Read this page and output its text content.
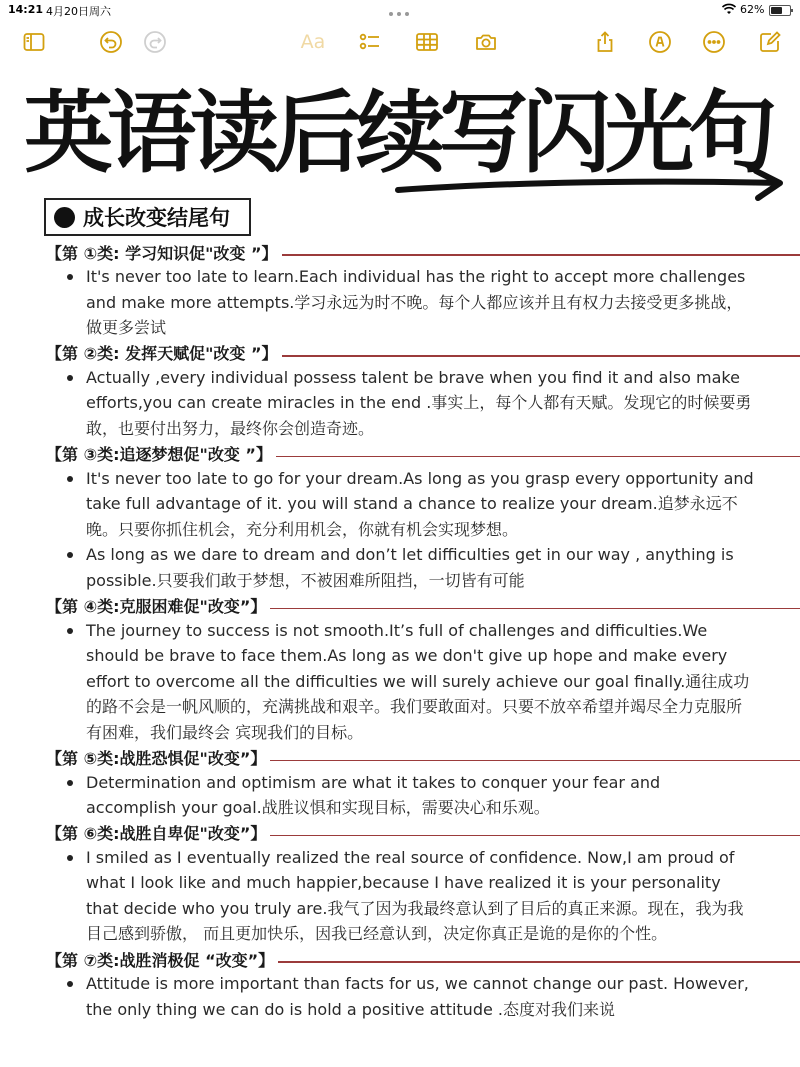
14:21 4月20日周六	62%
Aa
英语读后续写闪光句
成长改变结尾句
【第 ①类: 学习知识促"改变 ”】
It's never too late to learn.Each individual has the right to accept more challenges and make more attempts.学习永远为时不晚。每个人都应该并且有权力去接受更多挑战，做更多尝试
【第 ②类: 发挥天赋促"改变 ”】
Actually ,every individual possess talent be brave when you find it and also make efforts,you can create miracles in the end .事实上，每个人都有天赋。发现它的时候要勇敢，也要付出努力，最终你会创造奇迹。
【第 ③类:追逐梦想促"改变 ”】
It's never too late to go for your dream.As long as you grasp every opportunity and take full advantage of it. you will stand a chance to realize your dream.追梦永远不晚。只要你抓住机会，充分利用机会，你就有机会实现梦想。
As long as we dare to dream and don’t let difficulties get in our way , anything is possible.只要我们敢于梦想，不被困难所阻挡，一切皆有可能
【第 ④类:克服困难促"改变”】
The journey to success is not smooth.It’s full of challenges and difficulties.We should be brave to face them.As long as we don't give up hope and make every effort to overcome all the difficulties we will surely achieve our goal finally.通往成功的路不会是一帆风顺的，充满挑战和艰辛。我们要敢面对。只要不放卒希望并竭尽全力克服所有困难，我们最终会 宾现我们的目标。
【第 ⑤类:战胜恐惧促"改变”】
Determination and optimism are what it takes to conquer your fear and accomplish your goal.战胜议惧和实现目标，需要决心和乐观。
【第 ⑥类:战胜自卑促"改变”】
I smiled as I eventually realized the real source of confidence. Now,I am proud of what I look like and much happier,because I have realized it is your personality that decide who you truly are.我气了因为我最终意认到了目后的真正来源。现在，我为我目己感到骄傲， 而且更加快乐，因我已经意认到，决定你真正是诡的是你的个性。
【第 ⑦类:战胜消极促 “改变”】
Attitude is more important than facts for us, we cannot change our past. However, the only thing we can do is hold a positive attitude .态度对我们来说
